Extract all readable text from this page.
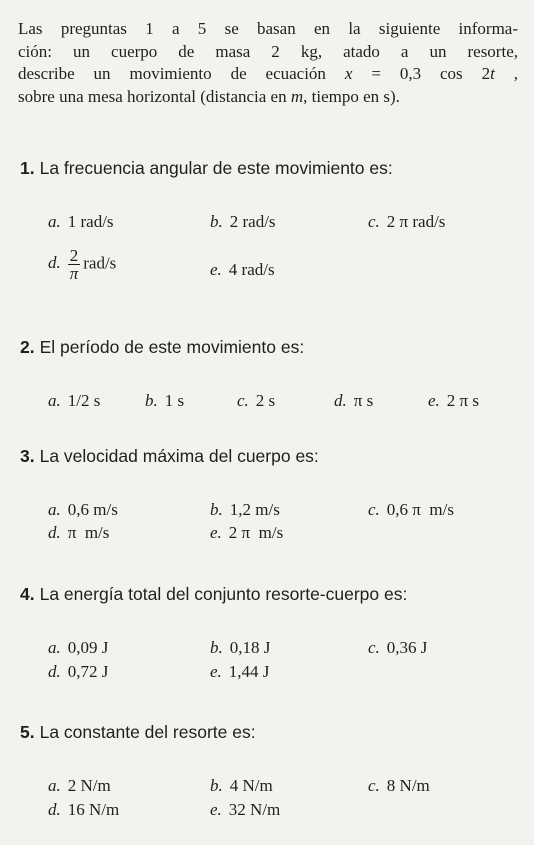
Las preguntas 1 a 5 se basan en la siguiente informa-
ción: un cuerpo de masa 2 kg, atado a un resorte,
describe un movimiento de ecuación x = 0,3 cos 2t ,
sobre una mesa horizontal (distancia en m, tiempo en s).
1. La frecuencia angular de este movimiento es:
a. 1 rad/s	b. 2 rad/s	c. 2 π rad/s
d. $\frac{2}{\pi} rad/s$	e. 4 rad/s
2. El período de este movimiento es:
a. 1/2 s	b. 1 s	c. 2 s	d. π s	e. 2 π s
3. La velocidad máxima del cuerpo es:
a. 0,6 m/s	b. 1,2 m/s	c. 0,6 π  m/s
d. π  m/s	e. 2 π  m/s
4. La energía total del conjunto resorte-cuerpo es:
a. 0,09 J	b. 0,18 J	c. 0,36 J
d. 0,72 J	e. 1,44 J
5. La constante del resorte es:
a. 2 N/m	b. 4 N/m	c. 8 N/m
d. 16 N/m	e. 32 N/m
